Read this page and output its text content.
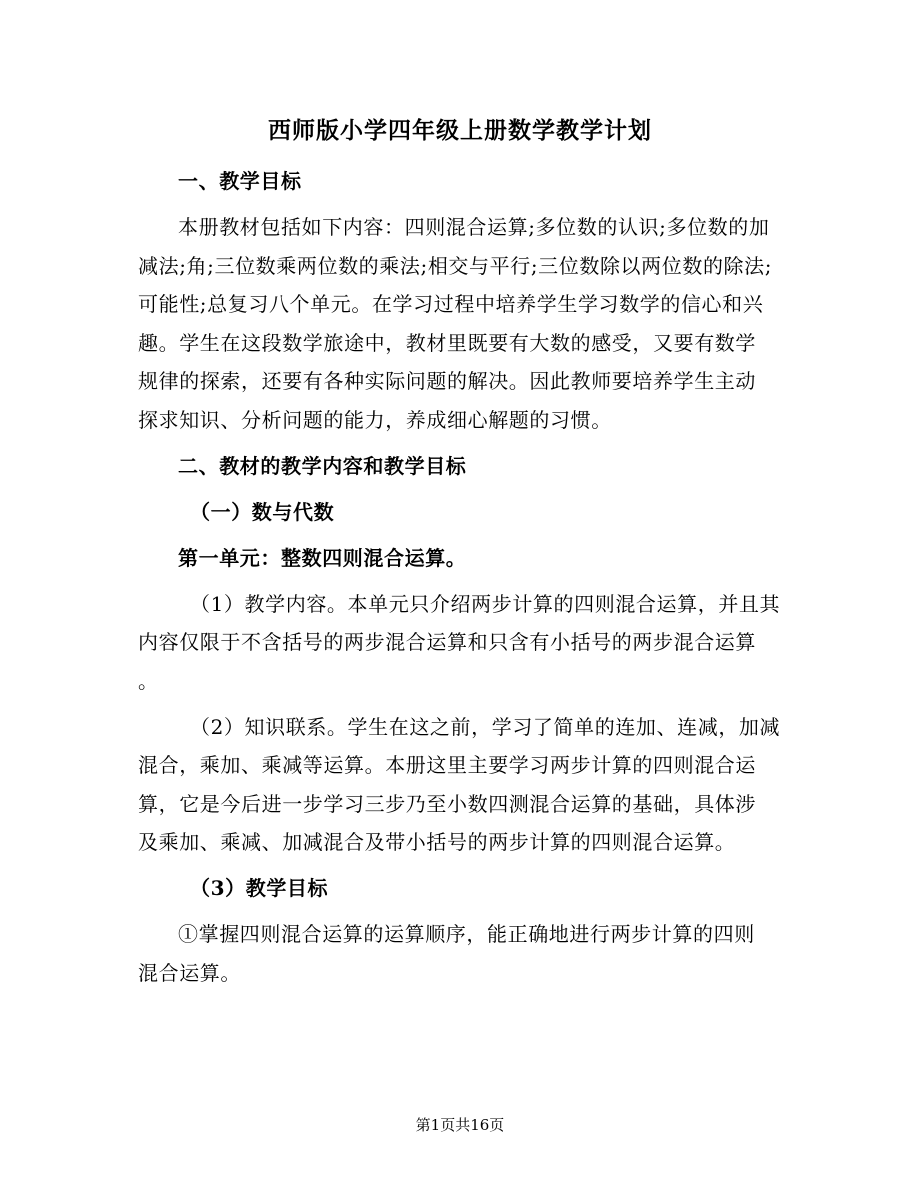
西师版小学四年级上册数学教学计划
一、教学目标
本册教材包括如下内容：四则混合运算;多位数的认识;多位数的加
减法;角;三位数乘两位数的乘法;相交与平行;三位数除以两位数的除法;
可能性;总复习八个单元。在学习过程中培养学生学习数学的信心和兴
趣。学生在这段数学旅途中，教材里既要有大数的感受，又要有数学
规律的探索，还要有各种实际问题的解决。因此教师要培养学生主动
探求知识、分析问题的能力，养成细心解题的习惯。
二、教材的教学内容和教学目标
（一）数与代数
第一单元：整数四则混合运算。
（1）教学内容。本单元只介绍两步计算的四则混合运算，并且其
内容仅限于不含括号的两步混合运算和只含有小括号的两步混合运算
。
（2）知识联系。学生在这之前，学习了简单的连加、连减，加减
混合，乘加、乘减等运算。本册这里主要学习两步计算的四则混合运
算，它是今后进一步学习三步乃至小数四测混合运算的基础，具体涉
及乘加、乘减、加减混合及带小括号的两步计算的四则混合运算。
（3）教学目标
①掌握四则混合运算的运算顺序，能正确地进行两步计算的四则
混合运算。
第1页共16页
